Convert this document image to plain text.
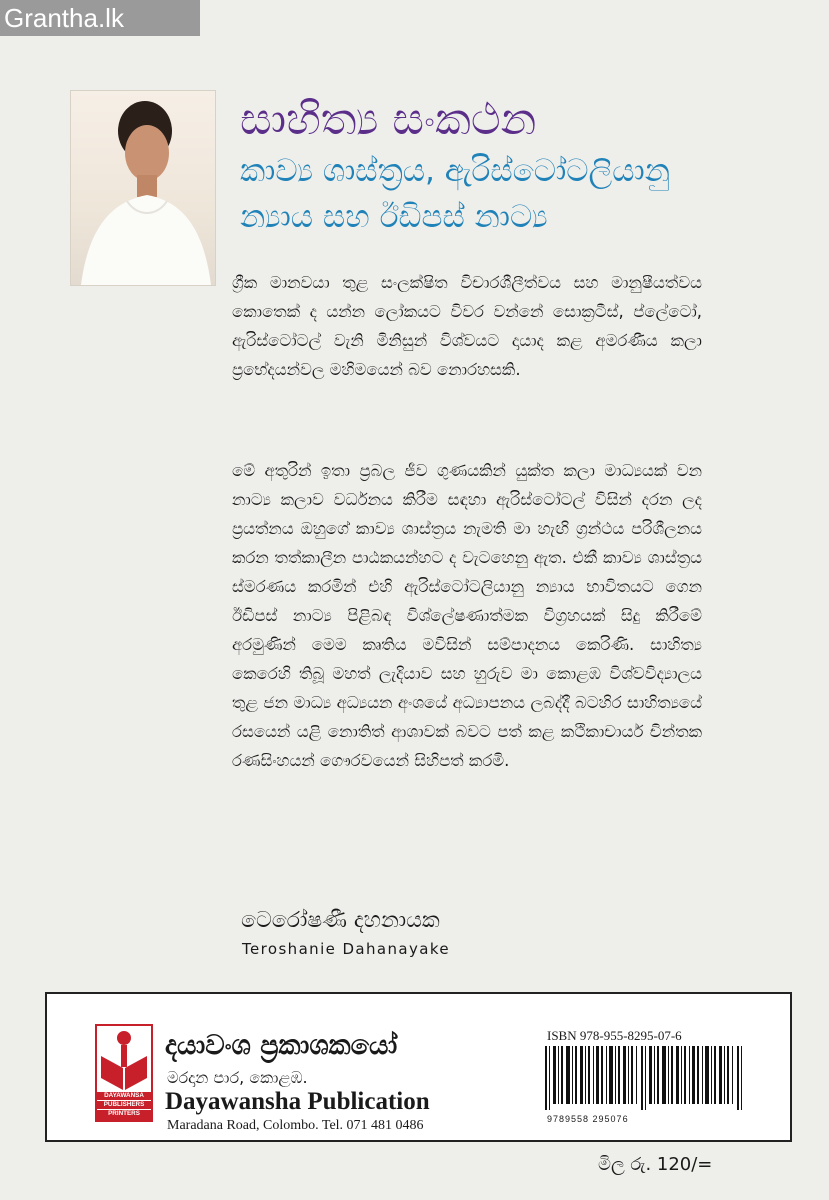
Grantha.lk
සාහිත්‍ය සංකථන
කාව්‍ය ශාස්ත්‍රය, ඇරිස්ටෝටලියානු
න්‍යාය සහ ඊඩිපස් නාට්‍ය
ග්‍රීක මානවයා තුළ සංලක්ෂිත විචාරශීලීත්වය සහ මානුෂීයත්වය කොතෙක් ද යන්න ලෝකයට විවර වන්නේ සොක්‍රටීස්, ප්ලේටෝ, ඇරිස්ටෝටල් වැනි මිනිසුන් විශ්වයට දායාද කළ අමරණීය කලා ප්‍රභේදයන්වල මහිමයෙන් බව නොරහසකි.
මේ අතුරින් ඉතා ප්‍රබල ජීව ගුණයකින් යුක්ත කලා මාධ්‍යයක් වන නාට්‍ය කලාව වර්ධනය කිරීම සඳහා ඇරිස්ටෝටල් විසින් දරන ලද ප්‍රයත්නය ඔහුගේ කාව්‍ය ශාස්ත්‍රය නැමති මා හැඟි ග්‍රන්ථය පරිශීලනය කරන තත්කාලීන පාඨකයන්හට ද වැටහෙනු ඇත. එකී කාව්‍ය ශාස්ත්‍රය ස්මරණය කරමින් එහි ඇරිස්ටෝටලියානු න්‍යාය භාවිතයට ගෙන ඊඩිපස් නාට්‍ය පිළිබඳ විශ්ලේෂණාත්මක විග්‍රහයක් සිදු කිරීමේ අරමුණින් මෙම කෘතිය මවිසින් සම්පාදනය කෙරිණි. සාහිත්‍ය කෙරෙහි තිබූ මහත් ලැදියාව සහ හුරුව මා කොළඹ විශ්වවිද්‍යාලය තුළ ජන මාධ්‍ය අධ්‍යයන අංශයේ අධ්‍යාපනය ලබද්දී බටහිර සාහිත්‍යයේ රසයෙන් යළි නොතිත් ආශාවක් බවට පත් කළ කථිකාචාර්ය චින්තක රණසිංහයන් ගෞරවයෙන් සිහිපත් කරමි.
ටෙරෝෂණී දහනායක
Teroshanie Dahanayake
DAYAWANSA
PUBLISHERS
PRINTERS
දයාවංශ ප්‍රකාශකයෝ
මරදාන පාර, කොළඹ.
Dayawansha Publication
Maradana Road, Colombo. Tel. 071 481 0486
ISBN 978-955-8295-07-6
9789558 295076
මිල රු. 120/=
